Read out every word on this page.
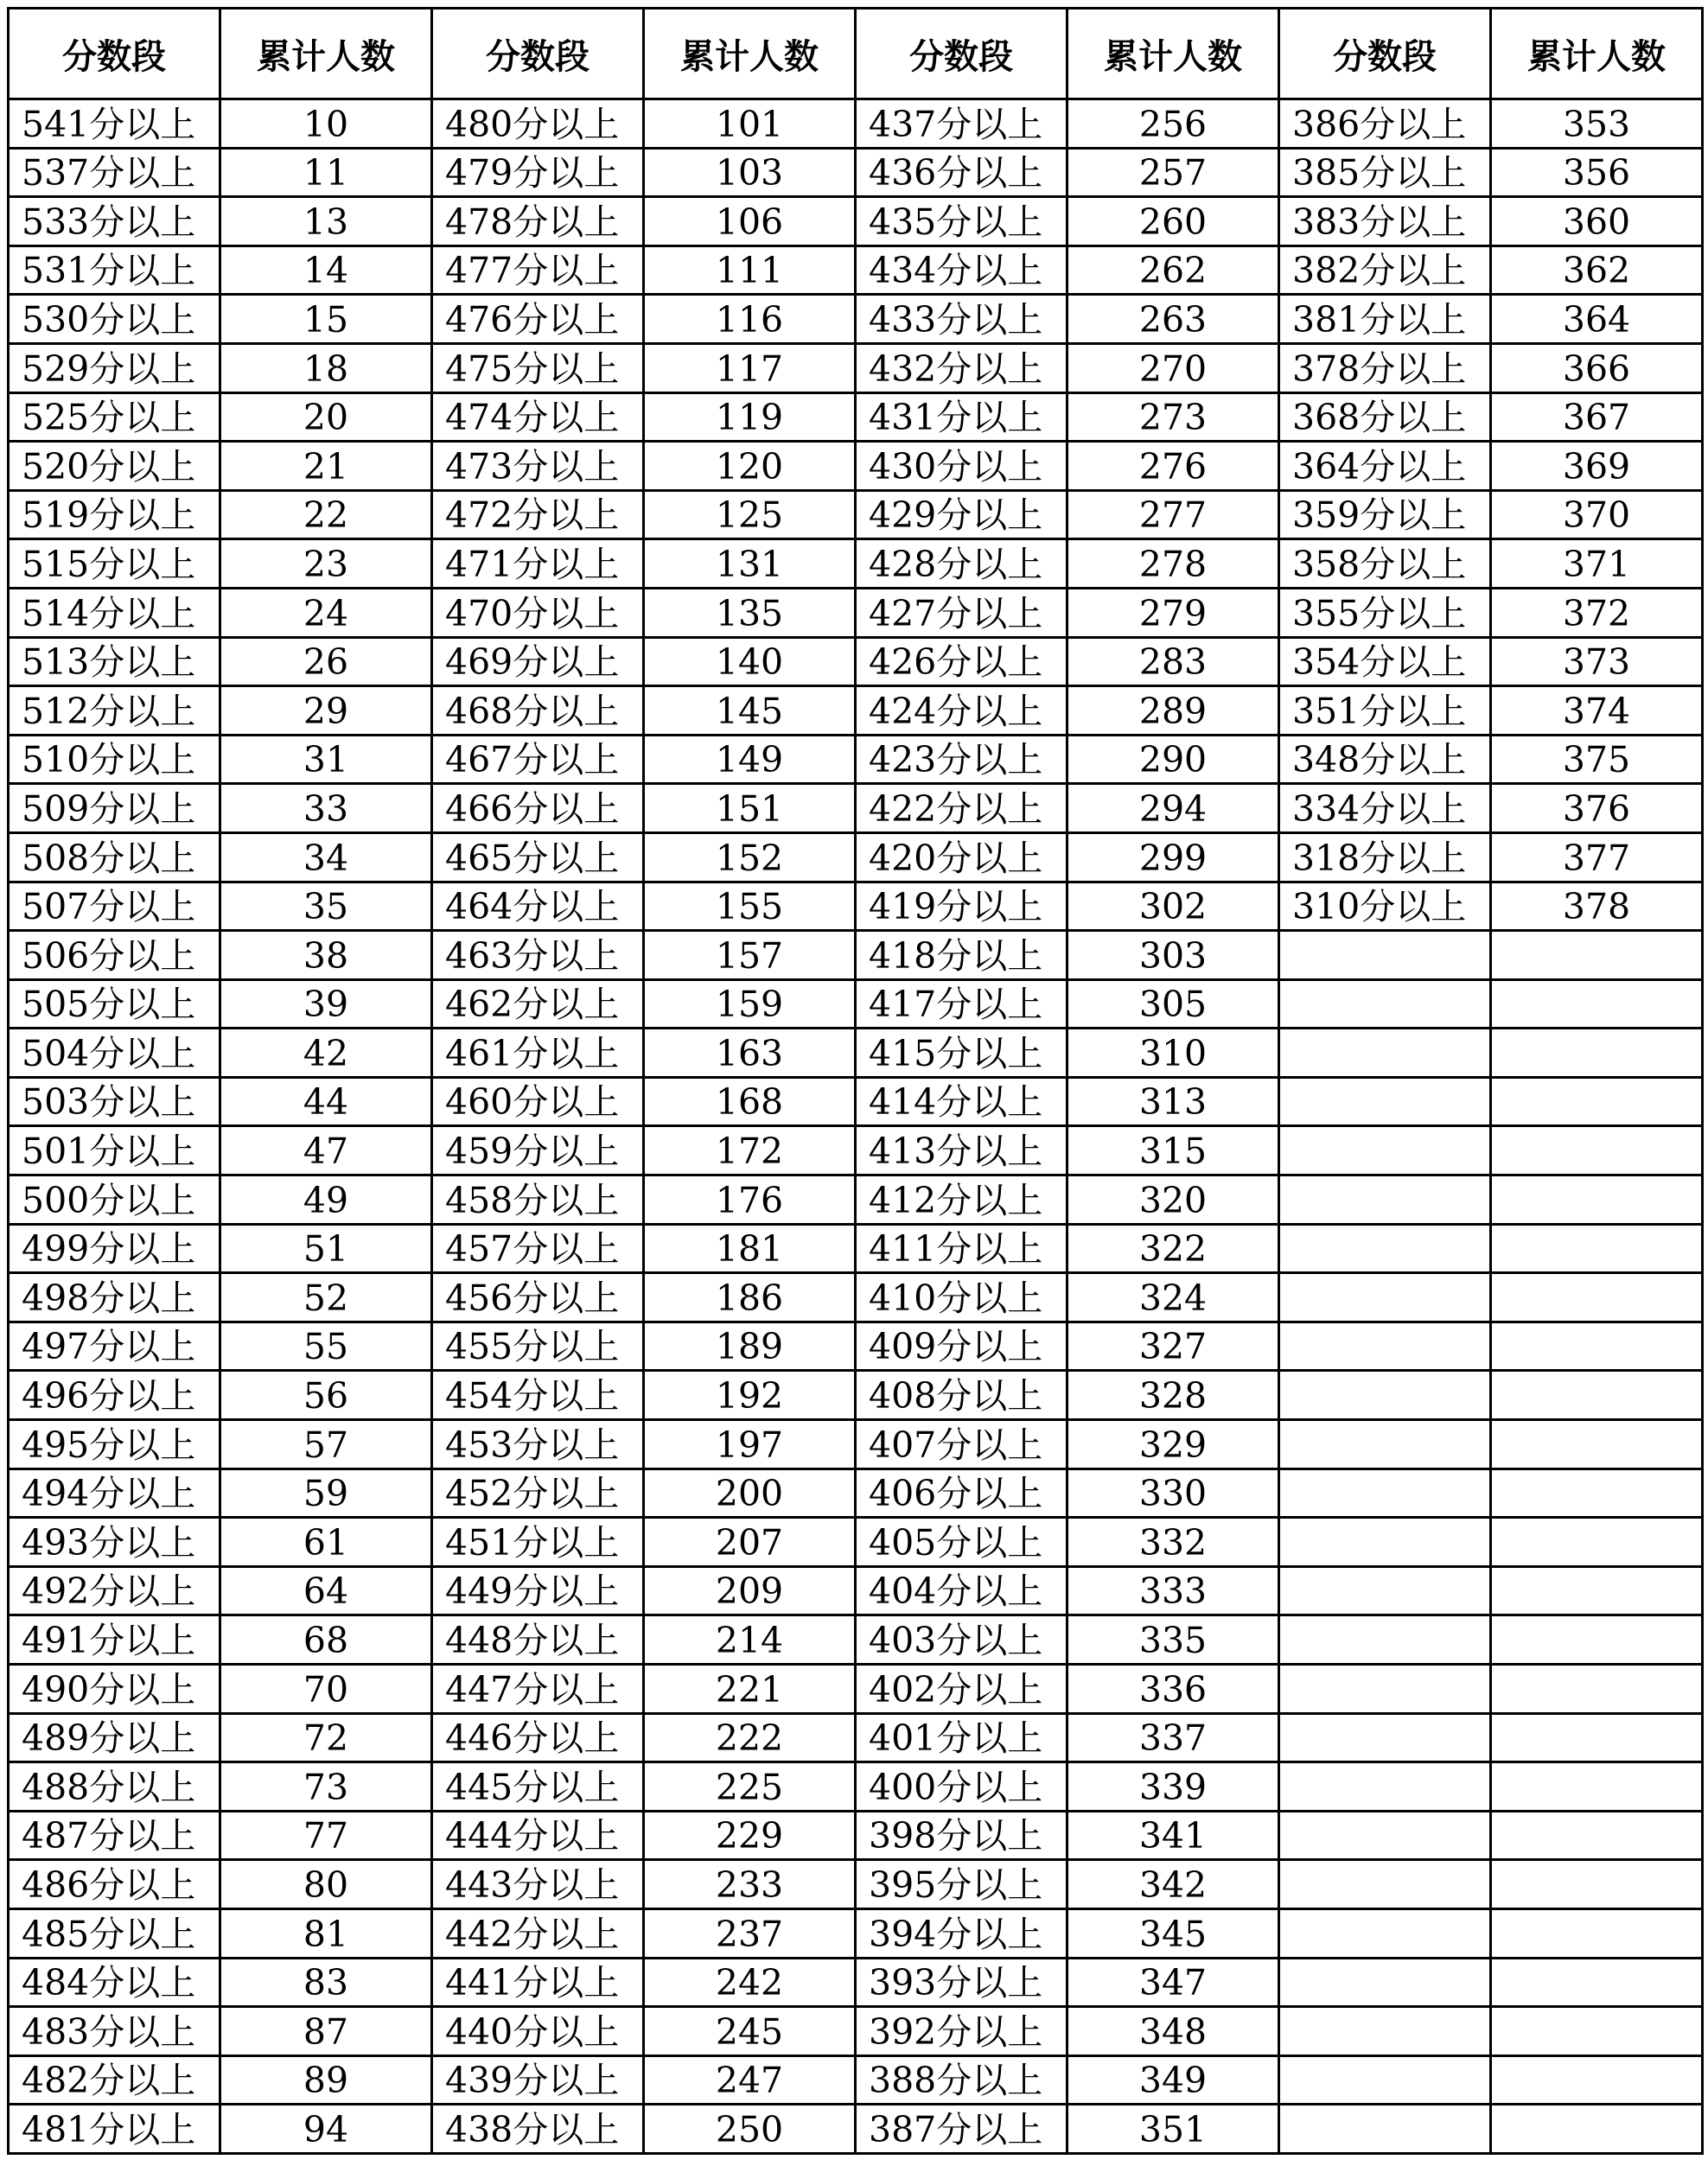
分数段	累计人数	分数段	累计人数	分数段	累计人数	分数段	累计人数
541分以上	10	480分以上	101	437分以上	256	386分以上	353
537分以上	11	479分以上	103	436分以上	257	385分以上	356
533分以上	13	478分以上	106	435分以上	260	383分以上	360
531分以上	14	477分以上	111	434分以上	262	382分以上	362
530分以上	15	476分以上	116	433分以上	263	381分以上	364
529分以上	18	475分以上	117	432分以上	270	378分以上	366
525分以上	20	474分以上	119	431分以上	273	368分以上	367
520分以上	21	473分以上	120	430分以上	276	364分以上	369
519分以上	22	472分以上	125	429分以上	277	359分以上	370
515分以上	23	471分以上	131	428分以上	278	358分以上	371
514分以上	24	470分以上	135	427分以上	279	355分以上	372
513分以上	26	469分以上	140	426分以上	283	354分以上	373
512分以上	29	468分以上	145	424分以上	289	351分以上	374
510分以上	31	467分以上	149	423分以上	290	348分以上	375
509分以上	33	466分以上	151	422分以上	294	334分以上	376
508分以上	34	465分以上	152	420分以上	299	318分以上	377
507分以上	35	464分以上	155	419分以上	302	310分以上	378
506分以上	38	463分以上	157	418分以上	303		
505分以上	39	462分以上	159	417分以上	305		
504分以上	42	461分以上	163	415分以上	310		
503分以上	44	460分以上	168	414分以上	313		
501分以上	47	459分以上	172	413分以上	315		
500分以上	49	458分以上	176	412分以上	320		
499分以上	51	457分以上	181	411分以上	322		
498分以上	52	456分以上	186	410分以上	324		
497分以上	55	455分以上	189	409分以上	327		
496分以上	56	454分以上	192	408分以上	328		
495分以上	57	453分以上	197	407分以上	329		
494分以上	59	452分以上	200	406分以上	330		
493分以上	61	451分以上	207	405分以上	332		
492分以上	64	449分以上	209	404分以上	333		
491分以上	68	448分以上	214	403分以上	335		
490分以上	70	447分以上	221	402分以上	336		
489分以上	72	446分以上	222	401分以上	337		
488分以上	73	445分以上	225	400分以上	339		
487分以上	77	444分以上	229	398分以上	341		
486分以上	80	443分以上	233	395分以上	342		
485分以上	81	442分以上	237	394分以上	345		
484分以上	83	441分以上	242	393分以上	347		
483分以上	87	440分以上	245	392分以上	348		
482分以上	89	439分以上	247	388分以上	349		
481分以上	94	438分以上	250	387分以上	351		
